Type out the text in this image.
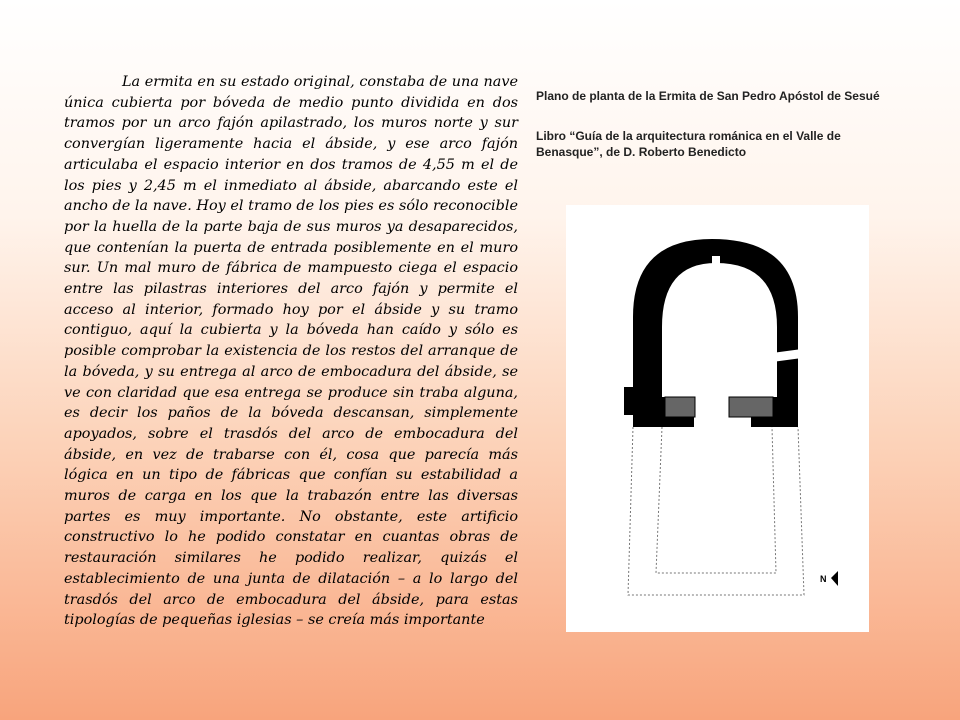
La ermita en su estado original, constaba de una nave única cubierta por bóveda de medio punto dividida en dos tramos por un arco fajón apilastrado, los muros norte y sur convergían ligeramente hacia el ábside, y ese arco fajón articulaba el espacio interior en dos tramos de 4,55 m el de los pies y 2,45 m el inmediato al ábside, abarcando este el ancho de la nave. Hoy el tramo de los pies es sólo reconocible por la huella de la parte baja de sus muros ya desaparecidos, que contenían la puerta de entrada posiblemente en el muro sur. Un mal muro de fábrica de mampuesto ciega el espacio entre las pilastras interiores del arco fajón y permite el acceso al interior, formado hoy por el ábside y su tramo contiguo, aquí la cubierta y la bóveda han caído y sólo es posible comprobar la existencia de los restos del arranque de la bóveda, y su entrega al arco de embocadura del ábside, se ve con claridad que esa entrega se produce sin traba alguna, es decir los paños de la bóveda descansan, simplemente apoyados, sobre el trasdós del arco de embocadura del ábside, en vez de trabarse con él, cosa que parecía más lógica en un tipo de fábricas que confían su estabilidad a muros de carga en los que la trabazón entre las diversas partes es muy importante. No obstante, este artificio constructivo lo he podido constatar en cuantas obras de restauración similares he podido realizar, quizás el establecimiento de una junta de dilatación – a lo largo del trasdós del arco de embocadura del ábside, para estas tipologías de pequeñas iglesias – se creía más importante

Plano de planta de la Ermita de San Pedro Apóstol de Sesué

Libro “Guía de la arquitectura románica en el Valle de Benasque”, de D. Roberto Benedicto

N
